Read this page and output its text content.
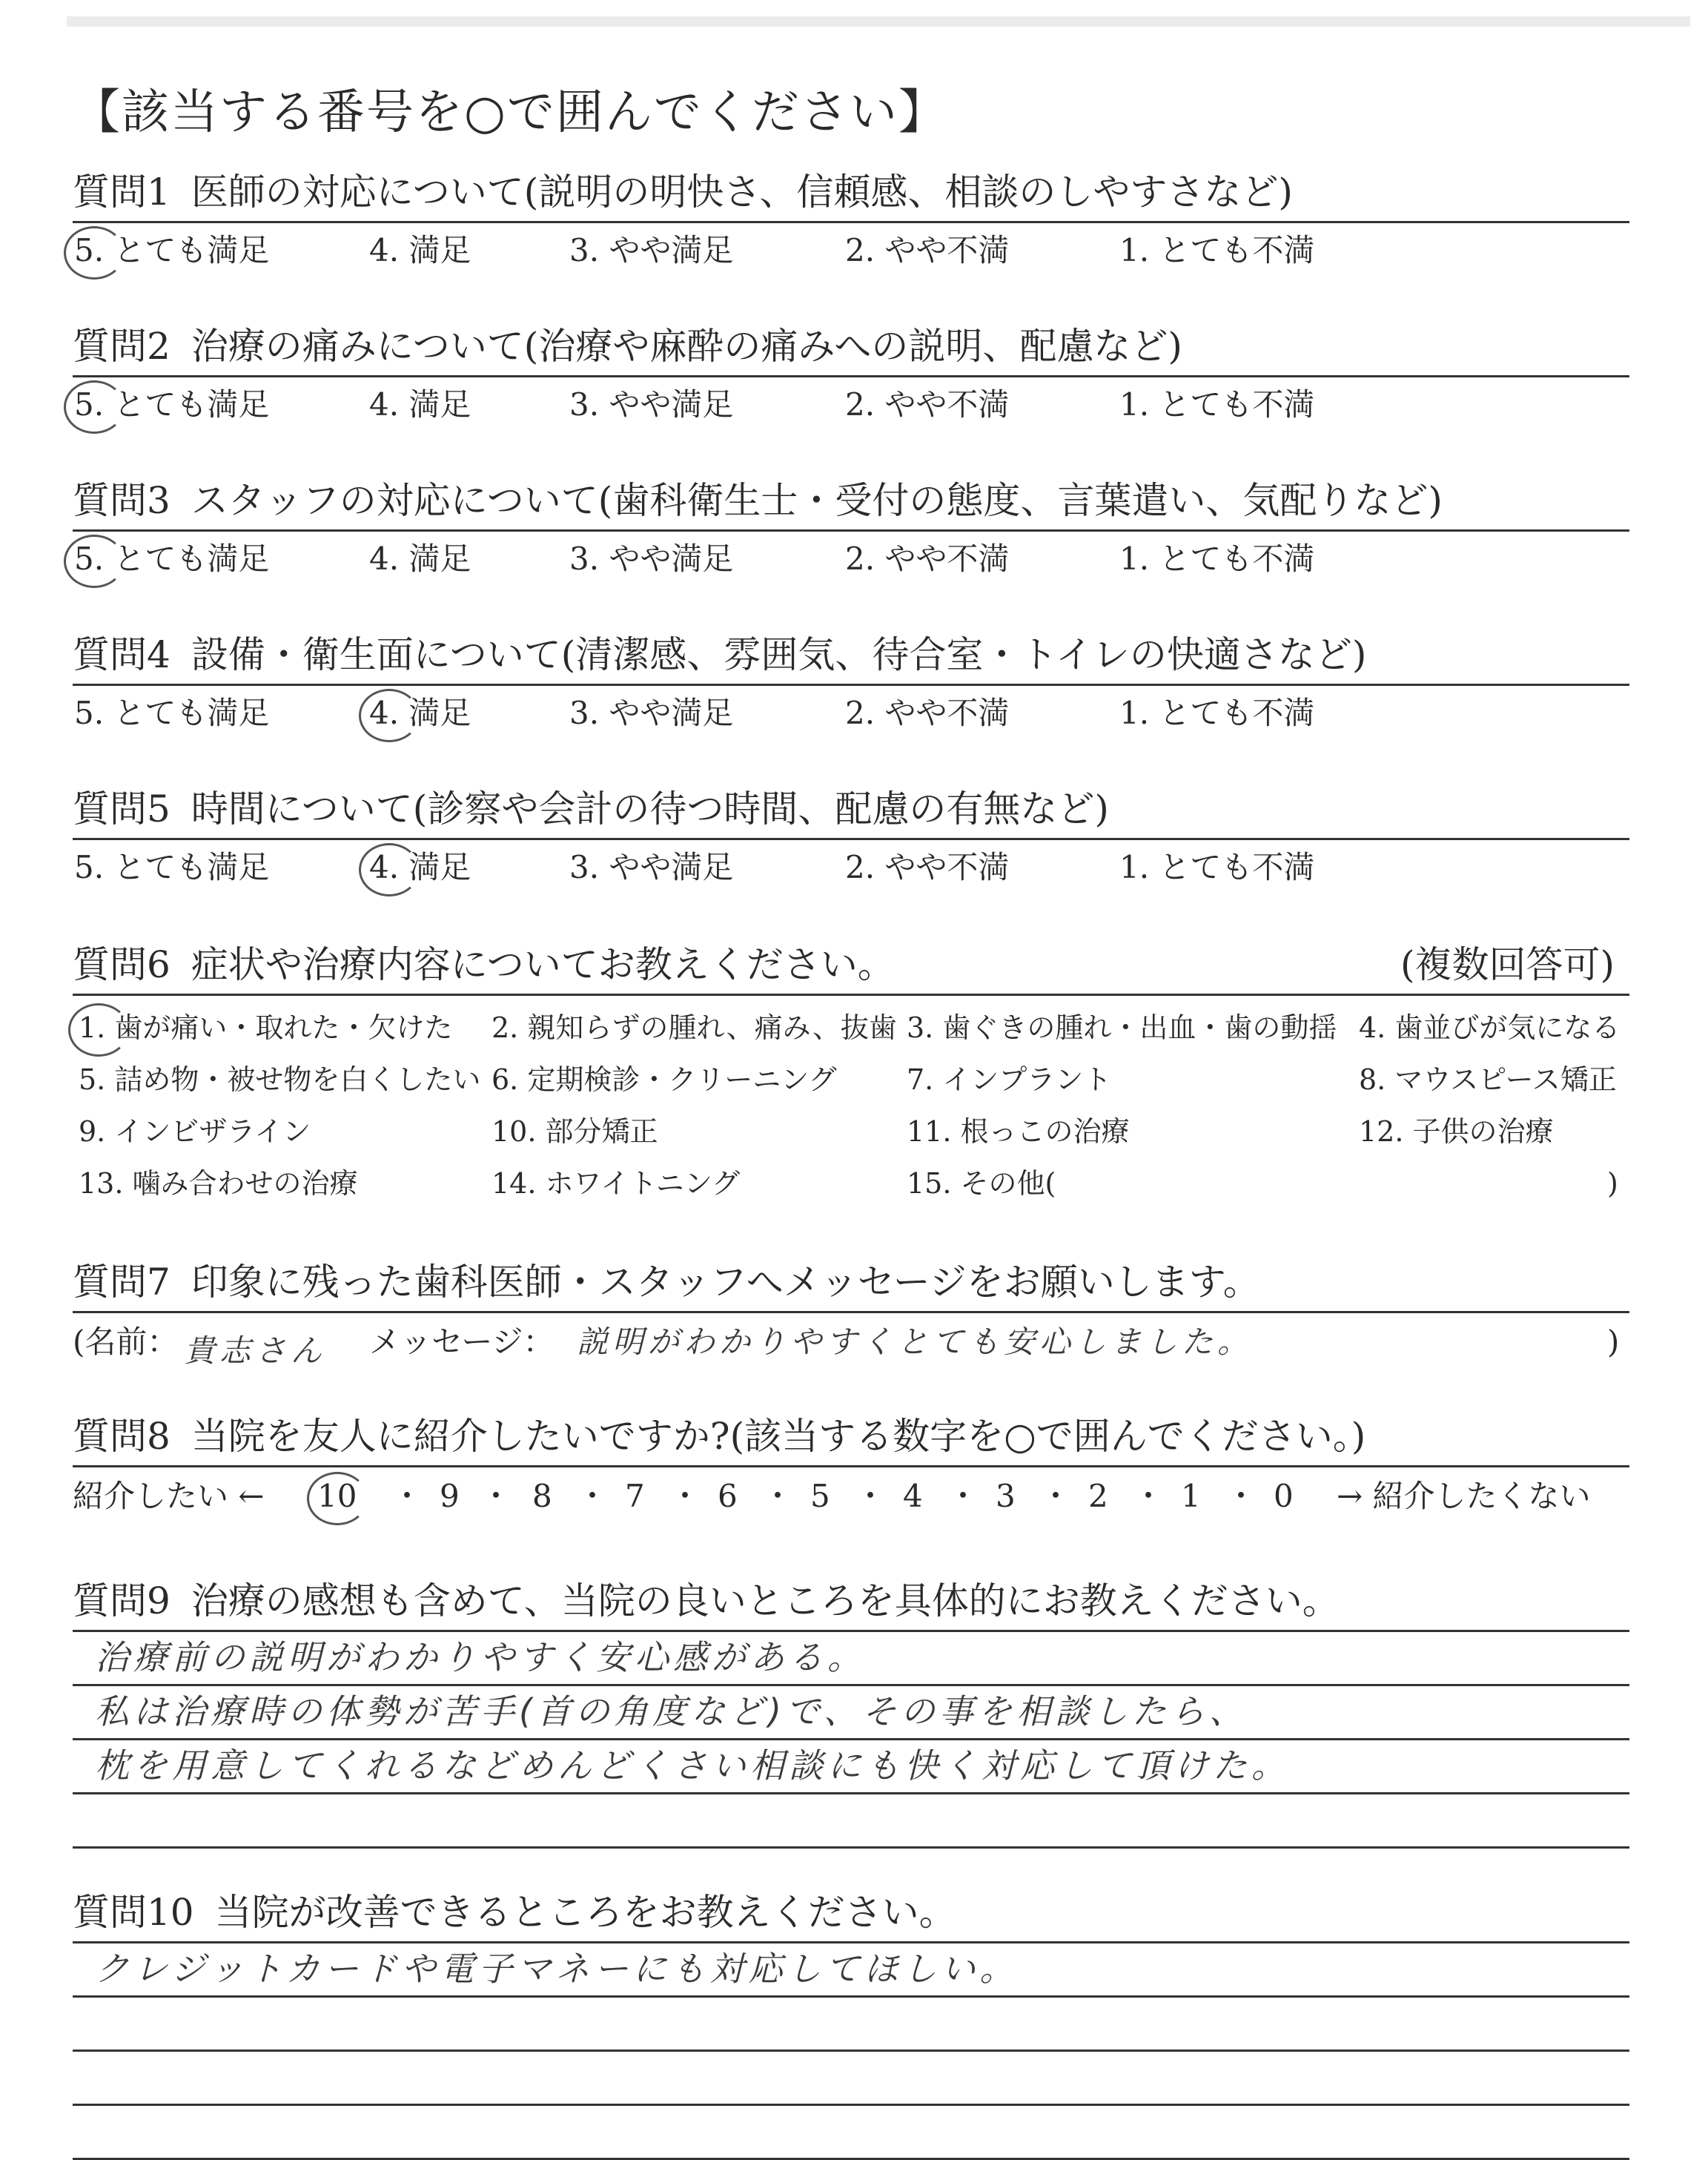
【該当する番号を○で囲んでください】
質問1 医師の対応について(説明の明快さ、信頼感、相談のしやすさなど)
5. とても満足	4. 満足	3. やや満足	2. やや不満	1. とても不満
質問2 治療の痛みについて(治療や麻酔の痛みへの説明、配慮など)
5. とても満足	4. 満足	3. やや満足	2. やや不満	1. とても不満
質問3 スタッフの対応について(歯科衛生士・受付の態度、言葉遣い、気配りなど)
5. とても満足	4. 満足	3. やや満足	2. やや不満	1. とても不満
質問4 設備・衛生面について(清潔感、雰囲気、待合室・トイレの快適さなど)
5. とても満足	4. 満足	3. やや満足	2. やや不満	1. とても不満
質問5 時間について(診察や会計の待つ時間、配慮の有無など)
5. とても満足	4. 満足	3. やや満足	2. やや不満	1. とても不満
質問6 症状や治療内容についてお教えください。	(複数回答可)
1. 歯が痛い・取れた・欠けた 2. 親知らずの腫れ、痛み、抜歯 3. 歯ぐきの腫れ・出血・歯の動揺 4. 歯並びが気になる
5. 詰め物・被せ物を白くしたい 6. 定期検診・クリーニング 7. インプラント	8. マウスピース矯正
9. インビザライン	10. 部分矯正	11. 根っこの治療	12. 子供の治療
13. 噛み合わせの治療	14. ホワイトニング	15. その他(	)
質問7 印象に残った歯科医師・スタッフへメッセージをお願いします。
(名前： 貴志さん メッセージ： 説明がわかりやすくとても安心しました。	)
質問8 当院を友人に紹介したいですか?(該当する数字を○で囲んでください。)
紹介したい ← 10 ・ 9 ・ 8 ・ 7 ・ 6 ・ 5 ・ 4 ・ 3 ・ 2 ・ 1 ・ 0 → 紹介したくない
質問9 治療の感想も含めて、当院の良いところを具体的にお教えください。
治療前の説明がわかりやすく安心感がある。
私は治療時の体勢が苦手(首の角度など)で、その事を相談したら、
枕を用意してくれるなどめんどくさい相談にも快く対応して頂けた。
質問10 当院が改善できるところをお教えください。
クレジットカードや電子マネーにも対応してほしい。
